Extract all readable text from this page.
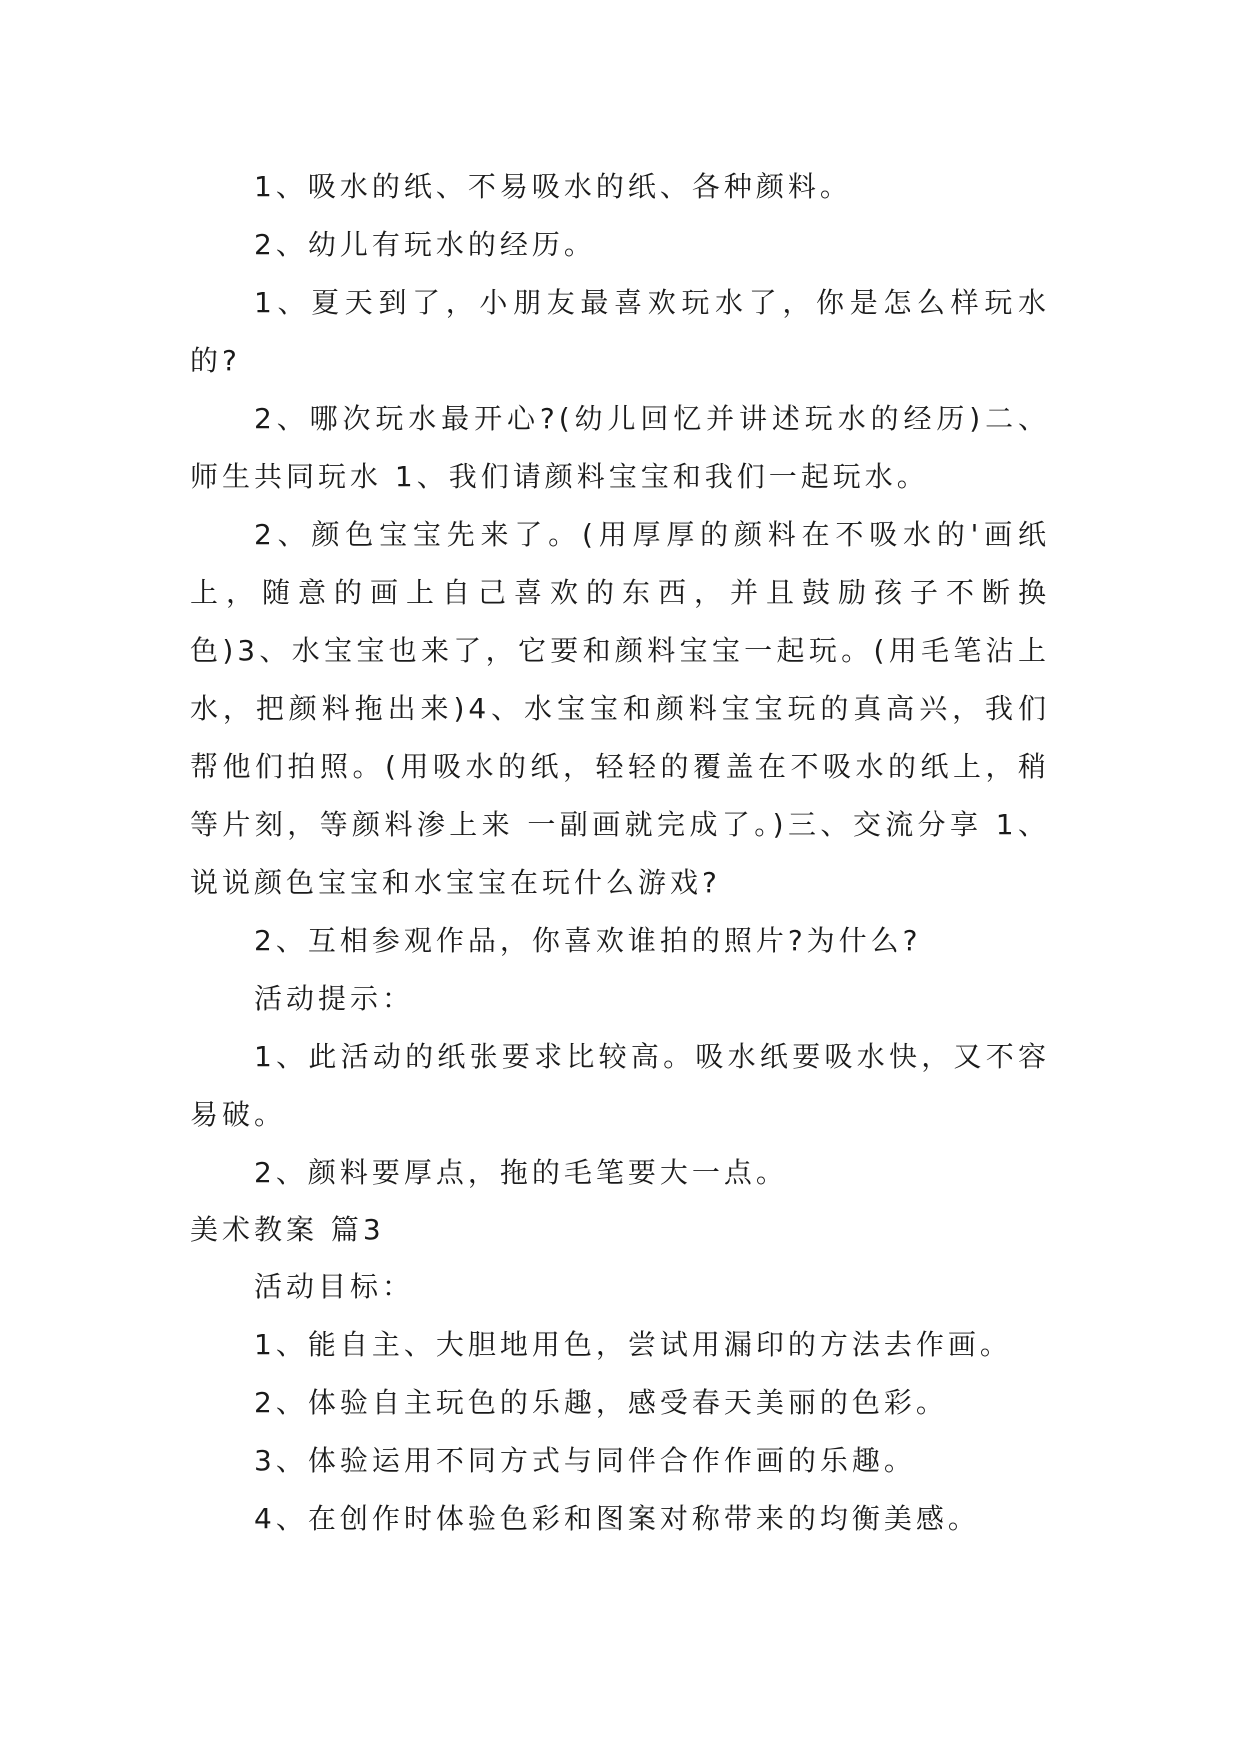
1、吸水的纸、不易吸水的纸、各种颜料。

2、幼儿有玩水的经历。

1、夏天到了，小朋友最喜欢玩水了，你是怎么样玩水的?

2、哪次玩水最开心?(幼儿回忆并讲述玩水的经历)二、师生共同玩水 1、我们请颜料宝宝和我们一起玩水。

2、颜色宝宝先来了。(用厚厚的颜料在不吸水的'画纸上，随意的画上自己喜欢的东西，并且鼓励孩子不断换色)3、水宝宝也来了，它要和颜料宝宝一起玩。(用毛笔沾上水，把颜料拖出来)4、水宝宝和颜料宝宝玩的真高兴，我们帮他们拍照。(用吸水的纸，轻轻的覆盖在不吸水的纸上，稍等片刻，等颜料渗上来 一副画就完成了。)三、交流分享 1、说说颜色宝宝和水宝宝在玩什么游戏?

2、互相参观作品，你喜欢谁拍的照片?为什么?

活动提示：

1、此活动的纸张要求比较高。吸水纸要吸水快，又不容易破。

2、颜料要厚点，拖的毛笔要大一点。

美术教案 篇3

活动目标：

1、能自主、大胆地用色，尝试用漏印的方法去作画。

2、体验自主玩色的乐趣，感受春天美丽的色彩。

3、体验运用不同方式与同伴合作作画的乐趣。

4、在创作时体验色彩和图案对称带来的均衡美感。
